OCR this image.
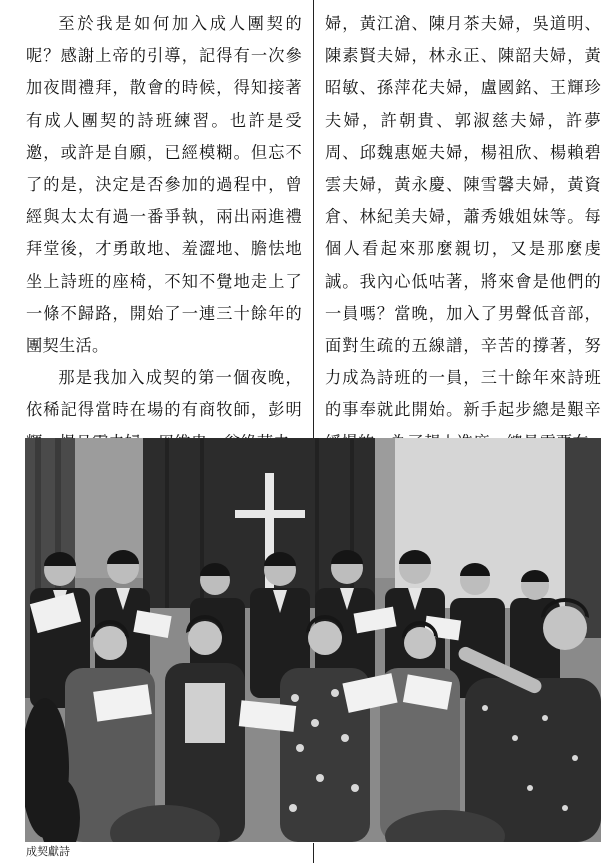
至於我是如何加入成人團契的呢？感謝上帝的引導，記得有一次參加夜間禮拜，散會的時候，得知接著有成人團契的詩班練習。也許是受邀，或許是自願，已經模糊。但忘不了的是，決定是否參加的過程中，曾經與太太有過一番爭執，兩出兩進禮拜堂後，才勇敢地、羞澀地、膽怯地坐上詩班的座椅，不知不覺地走上了一條不歸路，開始了一連三十餘年的團契生活。

那是我加入成契的第一個夜晚，依稀記得當時在場的有商牧師，彭明

婦，黃江滄、陳月茶夫婦，吳道明、陳素賢夫婦，林永正、陳韶夫婦，黃昭敏、孫萍花夫婦，盧國銘、王輝珍夫婦，許朝貴、郭淑慈夫婦，許夢周、邱魏惠姬夫婦，楊祖欣、楊賴碧雲夫婦，黃永慶、陳雪馨夫婦，黃資倉、林紀美夫婦，蕭秀娥姐妹等。每個人看起來那麼親切，又是那麼虔誠。我內心低咕著，將來會是他們的一員嗎？當晚，加入了男聲低音部，面對生疏的五線譜，辛苦的撐著，努力成為詩班的一員，三十餘年來詩班的事奉就此開始。新手起步總是艱辛

成契獻詩
